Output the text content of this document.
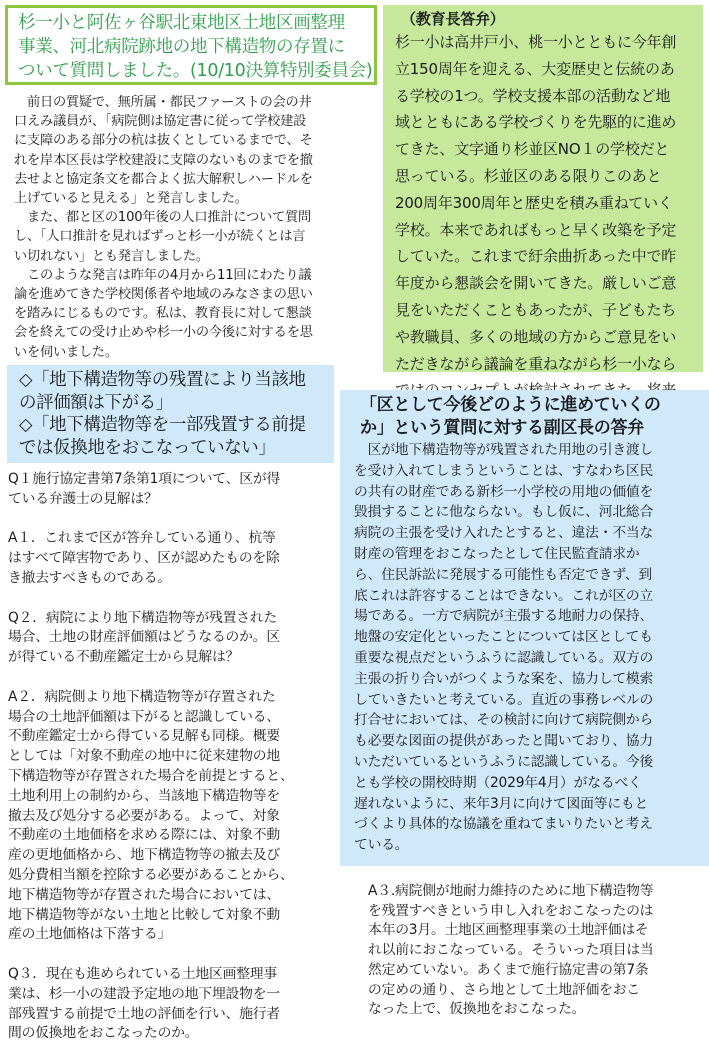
杉一小と阿佐ヶ谷駅北東地区土地区画整理
事業、河北病院跡地の地下構造物の存置に
ついて質問しました。(10/10決算特別委員会)
　前日の質疑で、無所属・都民ファーストの会の井
口えみ議員が、「病院側は協定書に従って学校建設
に支障のある部分の杭は抜くとしているまでで、そ
れを岸本区長は学校建設に支障のないものまでを撤
去せよと協定条文を都合よく拡大解釈しハードルを
上げていると見える」と発言しました。
　また、都と区の100年後の人口推計について質問
し、「人口推計を見ればずっと杉一小が続くとは言
い切れない」とも発言しました。
　このような発言は昨年の4月から11回にわたり議
論を進めてきた学校関係者や地域のみなさまの思い
を踏みにじるものです。私は、教育長に対して懇談
会を終えての受け止めや杉一小の今後に対するを思
いを伺いました。
（教育長答弁）
杉一小は高井戸小、桃一小とともに今年創
立150周年を迎える、大変歴史と伝統のあ
る学校の1つ。学校支援本部の活動など地
域とともにある学校づくりを先駆的に進め
てきた、文字通り杉並区NO１の学校だと
思っている。杉並区のある限りこのあと
200周年300周年と歴史を積み重ねていく
学校。本来であればもっと早く改築を予定
していた。これまで紆余曲折あった中で昨
年度から懇談会を開いてきた。厳しいご意
見をいただくこともあったが、子どもたち
や教職員、多くの地域の方からご意見をい
ただきながら議論を重ねながら杉一小なら
◇「地下構造物等の残置により当該地
の評価額は下がる」
◇「地下構造物等を一部残置する前提
では仮換地をおこなっていない」
Q１施行協定書第7条第1項について、区が得
ている弁護士の見解は？
A１．これまで区が答弁している通り、杭等
はすべて障害物であり、区が認めたものを除
き撤去すべきものである。
Q２．病院により地下構造物等が残置された
場合、土地の財産評価額はどうなるのか。区
が得ている不動産鑑定士から見解は？
A２．病院側より地下構造物等が存置された
場合の土地評価額は下がると認識している、
不動産鑑定士から得ている見解も同様。概要
としては「対象不動産の地中に従来建物の地
下構造物等が存置された場合を前提とすると、
土地利用上の制約から、当該地下構造物等を
撤去及び処分する必要がある。よって、対象
不動産の土地価格を求める際には、対象不動
産の更地価格から、地下構造物等の撤去及び
処分費相当額を控除する必要があることから、
地下構造物等が存置された場合においては、
地下構造物等がない土地と比較して対象不動
産の土地価格は下落する」
Q３．現在も進められている土地区画整理事
業は、杉一小の建設予定地の地下埋設物を一
部残置する前提で土地の評価を行い、施行者
間の仮換地をおこなったのか。
「区として今後どのように進めていくの
か」という質問に対する副区長の答弁
　区が地下構造物等が残置された用地の引き渡し
を受け入れてしまうということは、すなわち区民
の共有の財産である新杉一小学校の用地の価値を
毀損することに他ならない。もし仮に、河北総合
病院の主張を受け入れたとすると、違法・不当な
財産の管理をおこなったとして住民監査請求か
ら、住民訴訟に発展する可能性も否定できず、到
底これは許容することはできない。これが区の立
場である。一方で病院が主張する地耐力の保持、
地盤の安定化といったことについては区としても
重要な視点だというふうに認識している。双方の
主張の折り合いがつくような案を、協力して模索
していきたいと考えている。直近の事務レベルの
打合せにおいては、その検討に向けて病院側から
も必要な図面の提供があったと聞いており、協力
いただいているというふうに認識している。今後
とも学校の開校時期（2029年4月）がなるべく
遅れないように、来年3月に向けて図面等にもと
づくより具体的な協議を重ねてまいりたいと考え
ている。
A３.病院側が地耐力維持のために地下構造物等
を残置すべきという申し入れをおこなったのは
本年の3月。土地区画整理事業の土地評価はそ
れ以前におこなっている。そういった項目は当
然定めていない。あくまで施行協定書の第7条
の定めの通り、さら地として土地評価をおこ
なった上で、仮換地をおこなった。
